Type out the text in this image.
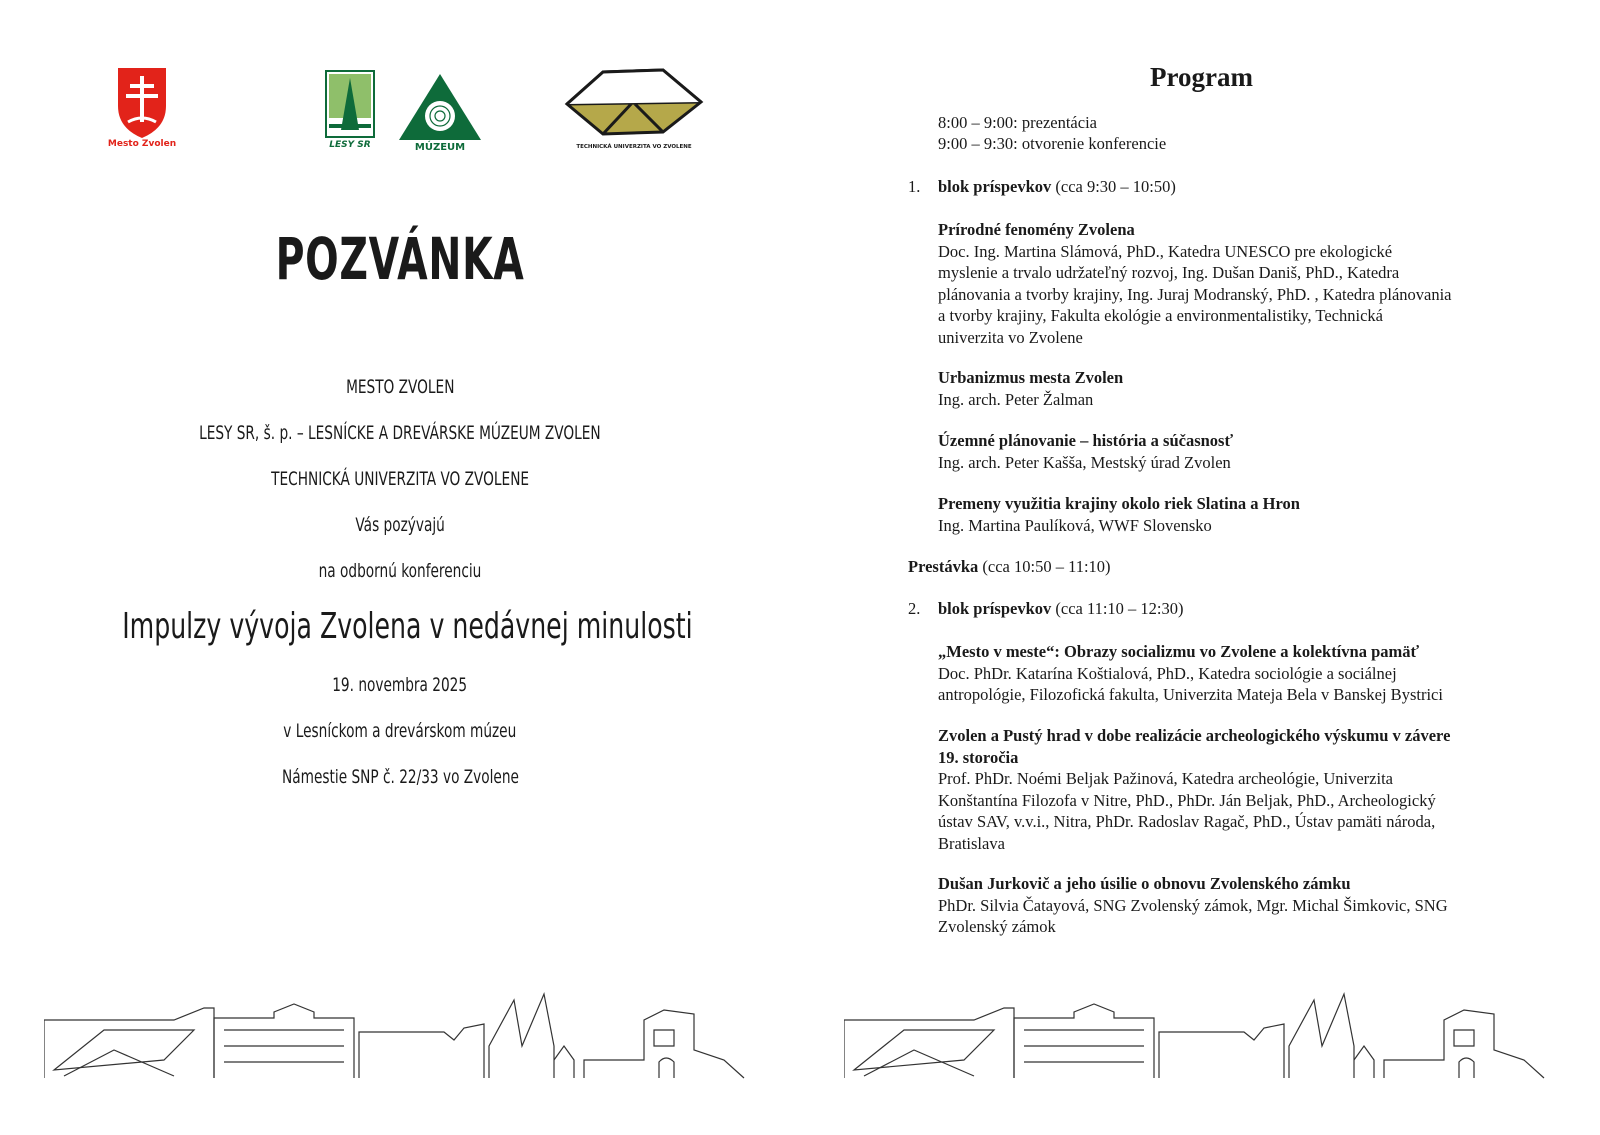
Mesto Zvolen	LESY SR	MÚZEUM	TECHNICKÁ UNIVERZITA VO ZVOLENE
POZVÁNKA
MESTO ZVOLEN
LESY SR, š. p. – LESNÍCKE A DREVÁRSKE MÚZEUM ZVOLEN
TECHNICKÁ UNIVERZITA VO ZVOLENE
Vás pozývajú
na odbornú konferenciu
Impulzy vývoja Zvolena v nedávnej minulosti
19. novembra 2025
v Lesníckom a drevárskom múzeu
Námestie SNP č. 22/33 vo Zvolene
Program
8:00 – 9:00: prezentácia
9:00 – 9:30: otvorenie konferencie
1. blok príspevkov (cca 9:30 – 10:50)
Prírodné fenomény Zvolena
Doc. Ing. Martina Slámová, PhD., Katedra UNESCO pre ekologické
myslenie a trvalo udržateľný rozvoj, Ing. Dušan Daniš, PhD., Katedra
plánovania a tvorby krajiny, Ing. Juraj Modranský, PhD. , Katedra plánovania
a tvorby krajiny, Fakulta ekológie a environmentalistiky, Technická
univerzita vo Zvolene
Urbanizmus mesta Zvolen
Ing. arch. Peter Žalman
Územné plánovanie – história a súčasnosť
Ing. arch. Peter Kašša, Mestský úrad Zvolen
Premeny využitia krajiny okolo riek Slatina a Hron
Ing. Martina Paulíková, WWF Slovensko
Prestávka (cca 10:50 – 11:10)
2. blok príspevkov (cca 11:10 – 12:30)
„Mesto v meste“: Obrazy socializmu vo Zvolene a kolektívna pamäť
Doc. PhDr. Katarína Koštialová, PhD., Katedra sociológie a sociálnej
antropológie, Filozofická fakulta, Univerzita Mateja Bela v Banskej Bystrici
Zvolen a Pustý hrad v dobe realizácie archeologického výskumu v závere
19. storočia
Prof. PhDr. Noémi Beljak Pažinová, Katedra archeológie, Univerzita
Konštantína Filozofa v Nitre, PhD., PhDr. Ján Beljak, PhD., Archeologický
ústav SAV, v.v.i., Nitra, PhDr. Radoslav Ragač, PhD., Ústav pamäti národa,
Bratislava
Dušan Jurkovič a jeho úsilie o obnovu Zvolenského zámku
PhDr. Silvia Čatayová, SNG Zvolenský zámok, Mgr. Michal Šimkovic, SNG
Zvolenský zámok
